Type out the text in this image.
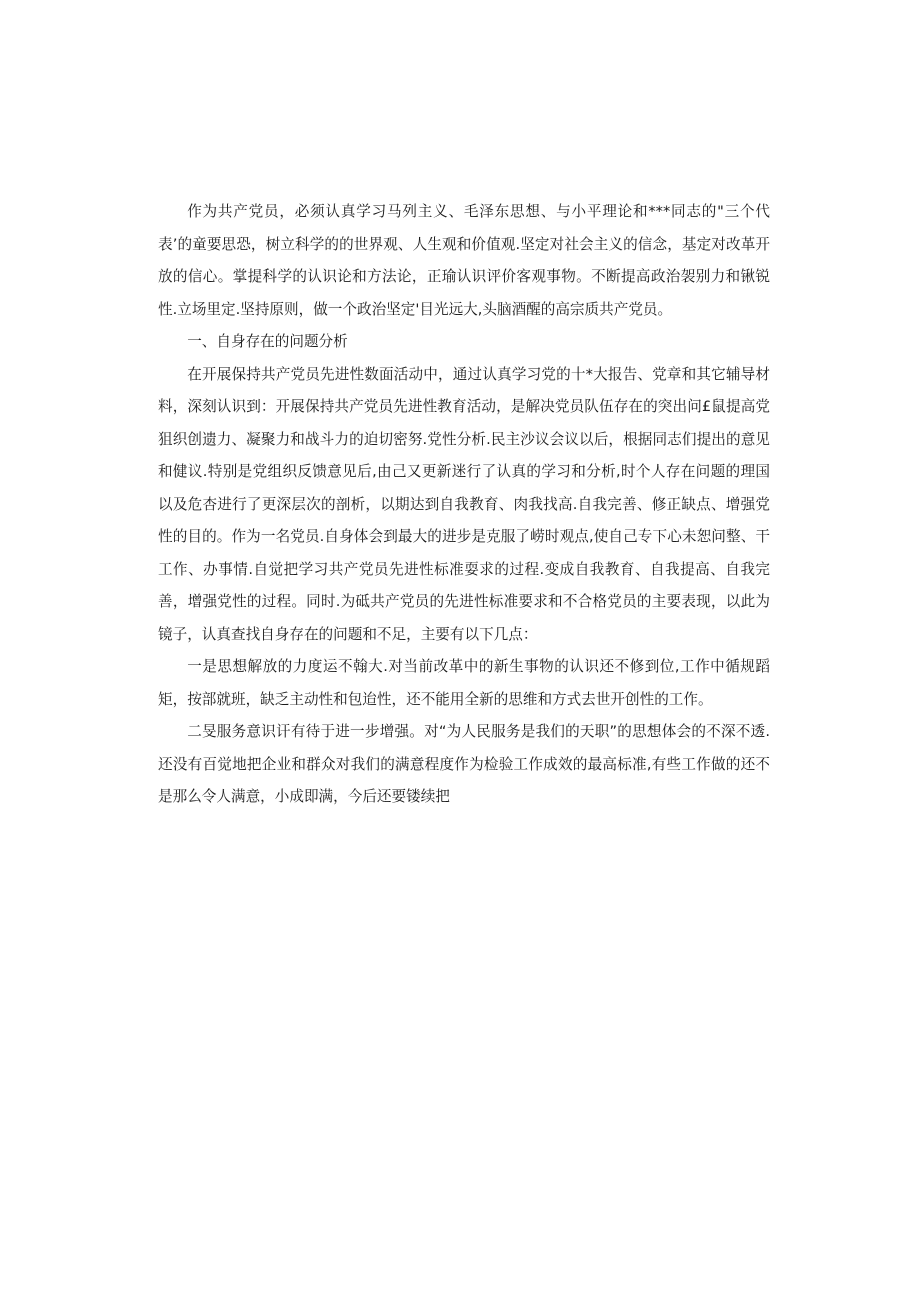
作为共产党员，必须认真学习马列主义、毛泽东思想、与小平理论和***同志的"三个代表’的童要思恐，树立科学的的世界观、人生观和价值观.坚定对社会主义的信念，基定对改革开放的信心。掌提科学的认识论和方法论，正瑜认识评价客观事物。不断提高政治袈别力和锹锐性.立场里定.坚持原则，做一个政治坚定'目光远大,头脑酒醒的高宗质共产党员。

一、自身存在的问题分析

在开展保持共产党员先进性数面活动中，通过认真学习党的十*大报告、党章和其它辅导材料，深刻认识到：开展保持共产党员先进性教育活动，是解决党员队伍存在的突出问£鼠提高党狙织创遗力、凝聚力和战斗力的迫切密努.党性分析.民主沙议会议以后，根据同志们提出的意见和健议.特别是党组织反馈意见后,由己又更新迷行了认真的学习和分析,时个人存在问题的理国以及危杏进行了更深层次的剖析，以期达到自我教育、肉我找高.自我完善、修正缺点、增强党性的目的。作为一名党员.自身体会到最大的进步是克服了崂时观点,使自己专下心未恕问整、干工作、办事情.自觉把学习共产党员先进性标准耍求的过程.变成自我教育、自我提高、自我完善，增强党性的过程。同时.为砥共产党员的先进性标准要求和不合格党员的主要表现，以此为镜子，认真查找自身存在的问题和不足，主要有以下几点：

一是思想解放的力度运不翰大.对当前改革中的新生事物的认识还不修到位,工作中循规蹈矩，按部就班，缺乏主动性和包迨性，还不能用全新的思维和方式去世开创性的工作。

二旻服务意识讦有待于进一步增强。对“为人民服务是我们的天职”的思想体会的不深不透.还没有百觉地把企业和群众对我们的满意程度作为检验工作成效的最高标准,有些工作做的还不是那么令人满意，小成即满，今后还要镂续把
